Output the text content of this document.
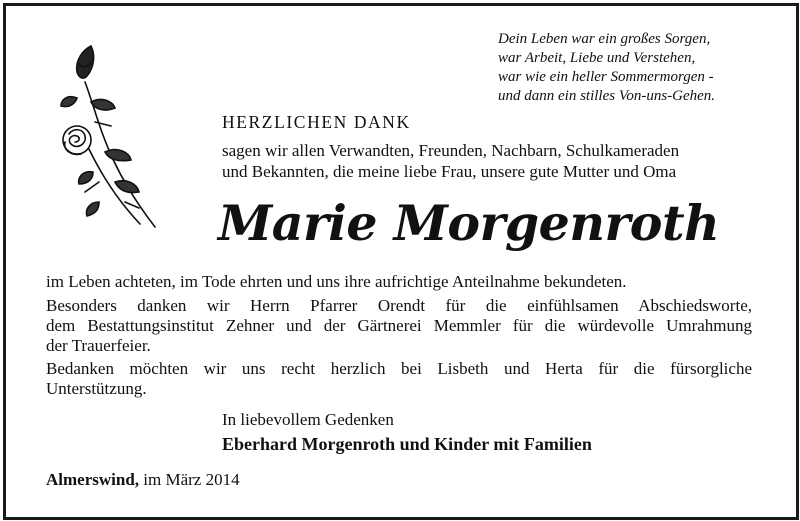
Dein Leben war ein großes Sorgen,
war Arbeit, Liebe und Verstehen,
war wie ein heller Sommermorgen -
und dann ein stilles Von-uns-Gehen.
HERZLICHEN DANK
sagen wir allen Verwandten, Freunden, Nachbarn, Schulkameraden
und Bekannten, die meine liebe Frau, unsere gute Mutter und Oma
Marie Morgenroth
im Leben achteten, im Tode ehrten und uns ihre aufrichtige Anteilnahme bekundeten.
Besonders danken wir Herrn Pfarrer Orendt für die einfühlsamen Abschiedsworte,
dem Bestattungsinstitut Zehner und der Gärtnerei Memmler für die würdevolle Umrahmung
der Trauerfeier.
Bedanken möchten wir uns recht herzlich bei Lisbeth und Herta für die fürsorgliche
Unterstützung.
In liebevollem Gedenken
Eberhard Morgenroth und Kinder mit Familien
Almerswind, im März 2014
